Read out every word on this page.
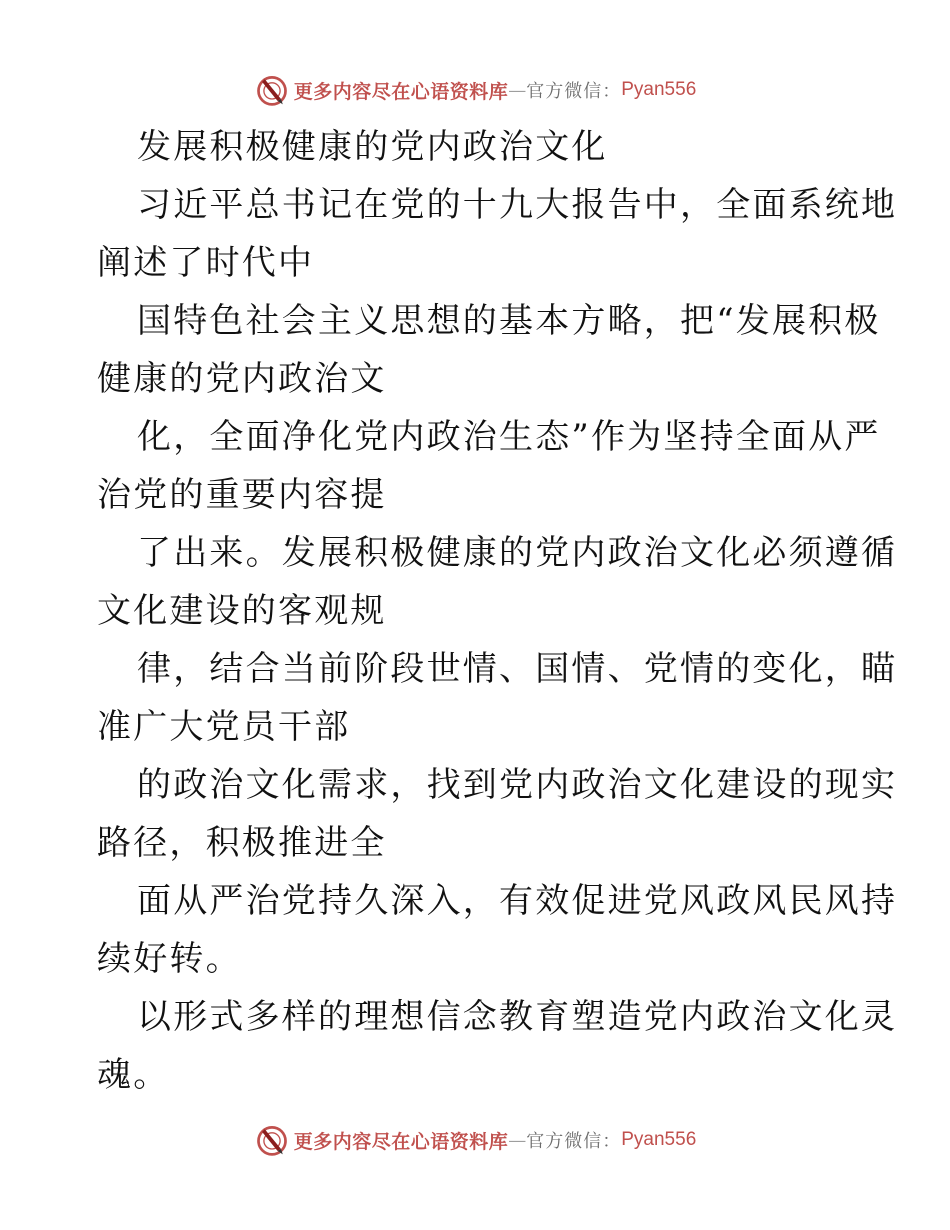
更多内容尽在心语资料库 — 官方微信： Pyan556
发展积极健康的党内政治文化
习近平总书记在党的十九大报告中，全面系统地
阐述了时代中
国特色社会主义思想的基本方略，把“发展积极
健康的党内政治文
化，全面净化党内政治生态”作为坚持全面从严
治党的重要内容提
了出来。发展积极健康的党内政治文化必须遵循
文化建设的客观规
律，结合当前阶段世情、国情、党情的变化，瞄
准广大党员干部
的政治文化需求，找到党内政治文化建设的现实
路径，积极推进全
面从严治党持久深入，有效促进党风政风民风持
续好转。
以形式多样的理想信念教育塑造党内政治文化灵
魂。
更多内容尽在心语资料库 — 官方微信： Pyan556
